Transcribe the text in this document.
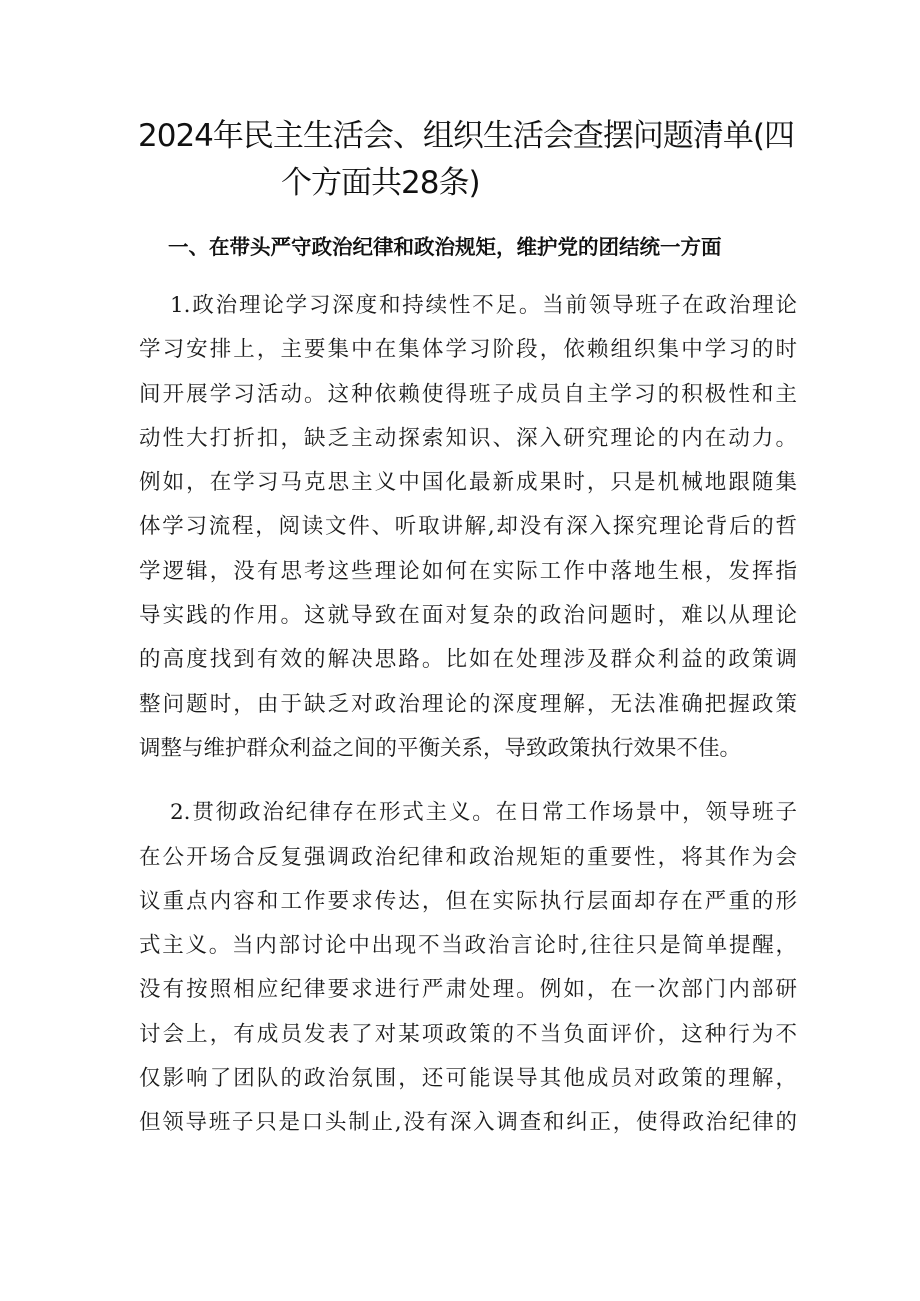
2024年民主生活会、组织生活会查摆问题清单(四
个方面共28条)
一、在带头严守政治纪律和政治规矩，维护党的团结统一方面
1.政治理论学习深度和持续性不足。当前领导班子在政治理论
学习安排上，主要集中在集体学习阶段，依赖组织集中学习的时
间开展学习活动。这种依赖使得班子成员自主学习的积极性和主
动性大打折扣，缺乏主动探索知识、深入研究理论的内在动力。
例如，在学习马克思主义中国化最新成果时，只是机械地跟随集
体学习流程，阅读文件、听取讲解,却没有深入探究理论背后的哲
学逻辑，没有思考这些理论如何在实际工作中落地生根，发挥指
导实践的作用。这就导致在面对复杂的政治问题时，难以从理论
的高度找到有效的解决思路。比如在处理涉及群众利益的政策调
整问题时，由于缺乏对政治理论的深度理解，无法准确把握政策
调整与维护群众利益之间的平衡关系，导致政策执行效果不佳。
2.贯彻政治纪律存在形式主义。在日常工作场景中，领导班子
在公开场合反复强调政治纪律和政治规矩的重要性，将其作为会
议重点内容和工作要求传达，但在实际执行层面却存在严重的形
式主义。当内部讨论中出现不当政治言论时,往往只是简单提醒，
没有按照相应纪律要求进行严肃处理。例如，在一次部门内部研
讨会上，有成员发表了对某项政策的不当负面评价，这种行为不
仅影响了团队的政治氛围，还可能误导其他成员对政策的理解，
但领导班子只是口头制止,没有深入调查和纠正，使得政治纪律的
